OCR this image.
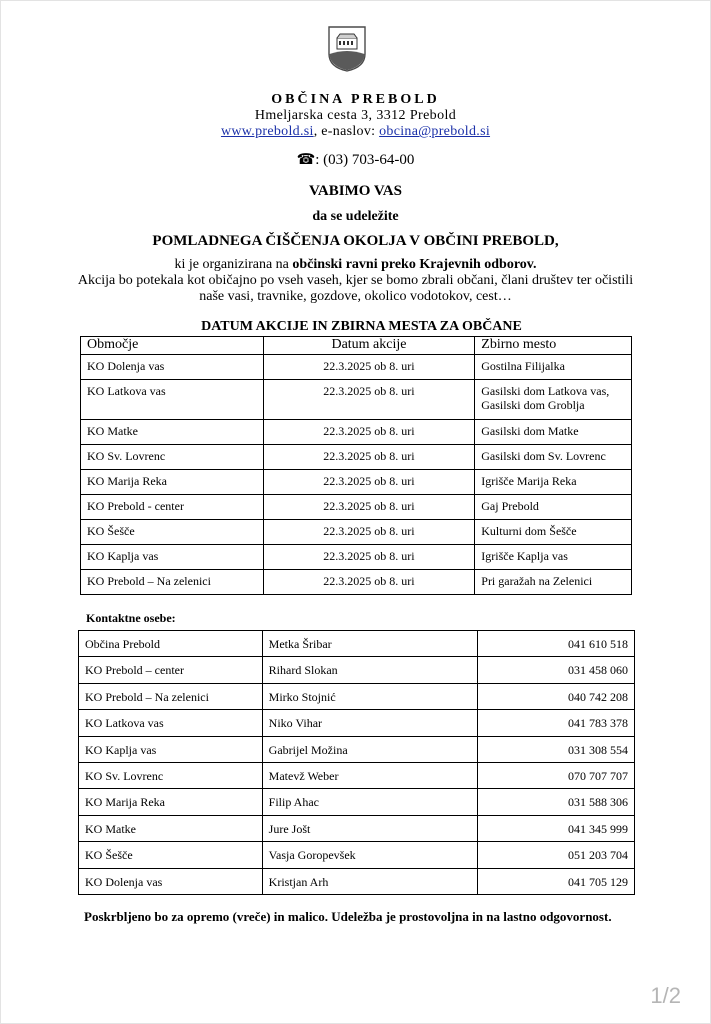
OBČINA PREBOLD
Hmeljarska cesta 3, 3312 Prebold
www.prebold.si, e-naslov: obcina@prebold.si
☎: (03) 703-64-00
VABIMO VAS
da se udeležite
POMLADNEGA ČIŠČENJA OKOLJA V OBČINI PREBOLD,
ki je organizirana na občinski ravni preko Krajevnih odborov.
Akcija bo potekala kot običajno po vseh vaseh, kjer se bomo zbrali občani, člani društev ter očistili
naše vasi, travnike, gozdove, okolico vodotokov, cest…
DATUM AKCIJE IN ZBIRNA MESTA ZA OBČANE
Območje	Datum akcije	Zbirno mesto
KO Dolenja vas	22.3.2025 ob 8. uri	Gostilna Filijalka
KO Latkova vas	22.3.2025 ob 8. uri	Gasilski dom Latkova vas,
Gasilski dom Groblja
KO Matke	22.3.2025 ob 8. uri	Gasilski dom Matke
KO Sv. Lovrenc	22.3.2025 ob 8. uri	Gasilski dom Sv. Lovrenc
KO Marija Reka	22.3.2025 ob 8. uri	Igrišče Marija Reka
KO Prebold - center	22.3.2025 ob 8. uri	Gaj Prebold
KO Šešče	22.3.2025 ob 8. uri	Kulturni dom Šešče
KO Kaplja vas	22.3.2025 ob 8. uri	Igrišče Kaplja vas
KO Prebold – Na zelenici	22.3.2025 ob 8. uri	Pri garažah na Zelenici
Kontaktne osebe:
Občina Prebold	Metka Šribar	041 610 518
KO Prebold – center	Rihard Slokan	031 458 060
KO Prebold – Na zelenici	Mirko Stojnić	040 742 208
KO Latkova vas	Niko Vihar	041 783 378
KO Kaplja vas	Gabrijel Možina	031 308 554
KO Sv. Lovrenc	Matevž Weber	070 707 707
KO Marija Reka	Filip Ahac	031 588 306
KO Matke	Jure Jošt	041 345 999
KO Šešče	Vasja Goropevšek	051 203 704
KO Dolenja vas	Kristjan Arh	041 705 129
Poskrbljeno bo za opremo (vreče) in malico. Udeležba je prostovoljna in na lastno odgovornost.
1/2
